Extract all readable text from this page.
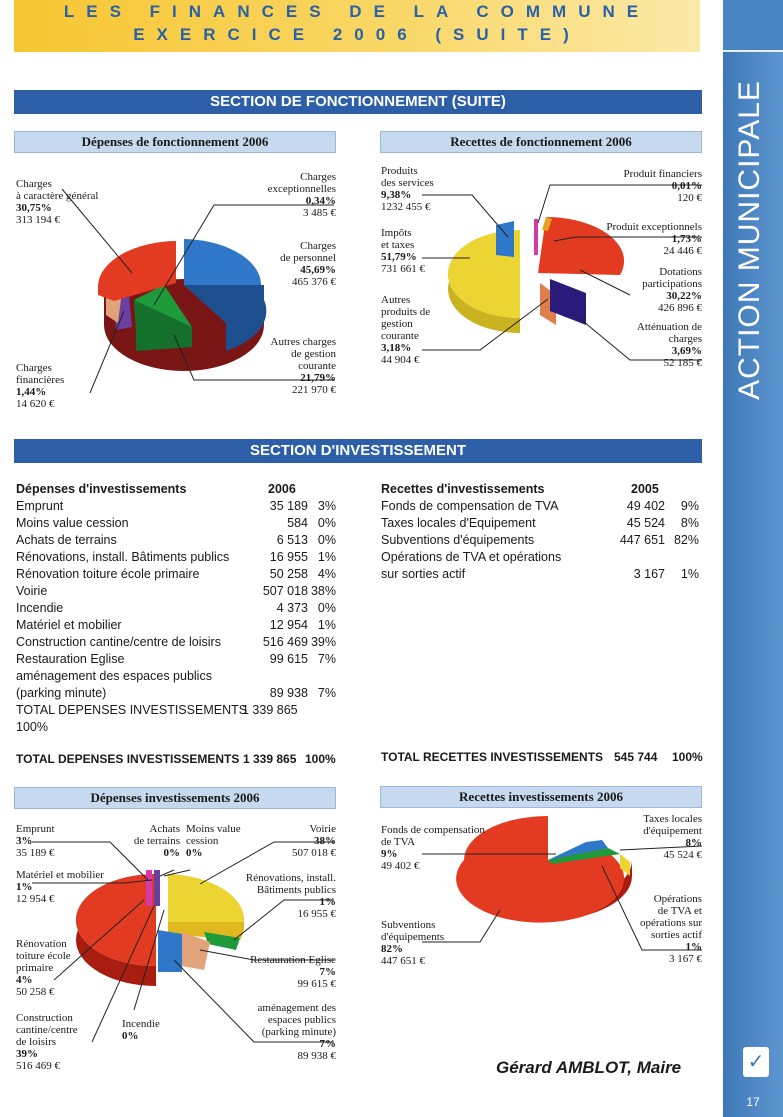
LES FINANCES DE LA COMMUNE
EXERCICE 2006 (SUITE)
ACTION MUNICIPALE
✓
17
SECTION DE FONCTIONNEMENT (SUITE)
Dépenses de fonctionnement 2006	Recettes de fonctionnement 2006
Charges
à caractère général
30,75%
313 194 €
Charges
exceptionnelles
0,34%
3 485 €
Charges
de personnel
45,69%
465 376 €
Autres charges
de gestion
courante
21,79%
221 970 €
Charges
financières
1,44%
14 620 €
Produits
des services
9,38%
1232 455 €
Produit financiers
0,01%
120 €
Impôts
et taxes
51,79%
731 661 €
Produit exceptionnels
1,73%
24 446 €
Dotations
participations
30,22%
426 896 €
Autres
produits de
gestion
courante
3,18%
44 904 €
Atténuation de
charges
3,69%
52 185 €
SECTION D'INVESTISSEMENT
Dépenses d'investissements	2006
Emprunt	35 189 3%
Moins value cession	584 0%
Achats de terrains	6 513 0%
Rénovations, install. Bâtiments publics	16 955 1%
Rénovation toiture école primaire	50 258 4%
Voirie	507 018 38%
Incendie	4 373 0%
Matériel et mobilier	12 954 1%
Construction cantine/centre de loisirs	516 469 39%
Restauration Eglise	99 615 7%
aménagement des espaces publics
(parking minute)	89 938 7%
TOTAL DEPENSES INVESTISSEMENTS
1 339 865
100%
Recettes d'investissements	2005
Fonds de compensation de TVA	49 402	9%
Taxes locales d'Equipement	45 524	8%
Subventions d'équipements	447 651 82%
Opérations de TVA et opérations
sur sorties actif	3 167	1%
TOTAL DEPENSES INVESTISSEMENTS 1 339 865 100%	TOTAL RECETTES INVESTISSEMENTS 545 744 100%
Dépenses investissements 2006	Recettes investissements 2006
Emprunt
3%
35 189 €
Achats
de terrains
0%
Moins value
cession
0%
Voirie
38%
507 018 €
Matériel et mobilier
1%
12 954 €
Rénovations, install.
Bâtiments publics
1%
16 955 €
Rénovation
toiture école
primaire
4%
50 258 €
Restauration Eglise
7%
99 615 €
aménagement des
espaces publics
(parking minute)
7%
89 938 €
Construction
cantine/centre
de loisirs
39%
516 469 €
Incendie
0%
Fonds de compensation
de TVA
9%
49 402 €
Taxes locales
d'équipement
8%
45 524 €
Opérations
de TVA et
opérations sur
sorties actif
1%
3 167 €
Subventions
d'équipements
82%
447 651 €
Gérard AMBLOT, Maire
